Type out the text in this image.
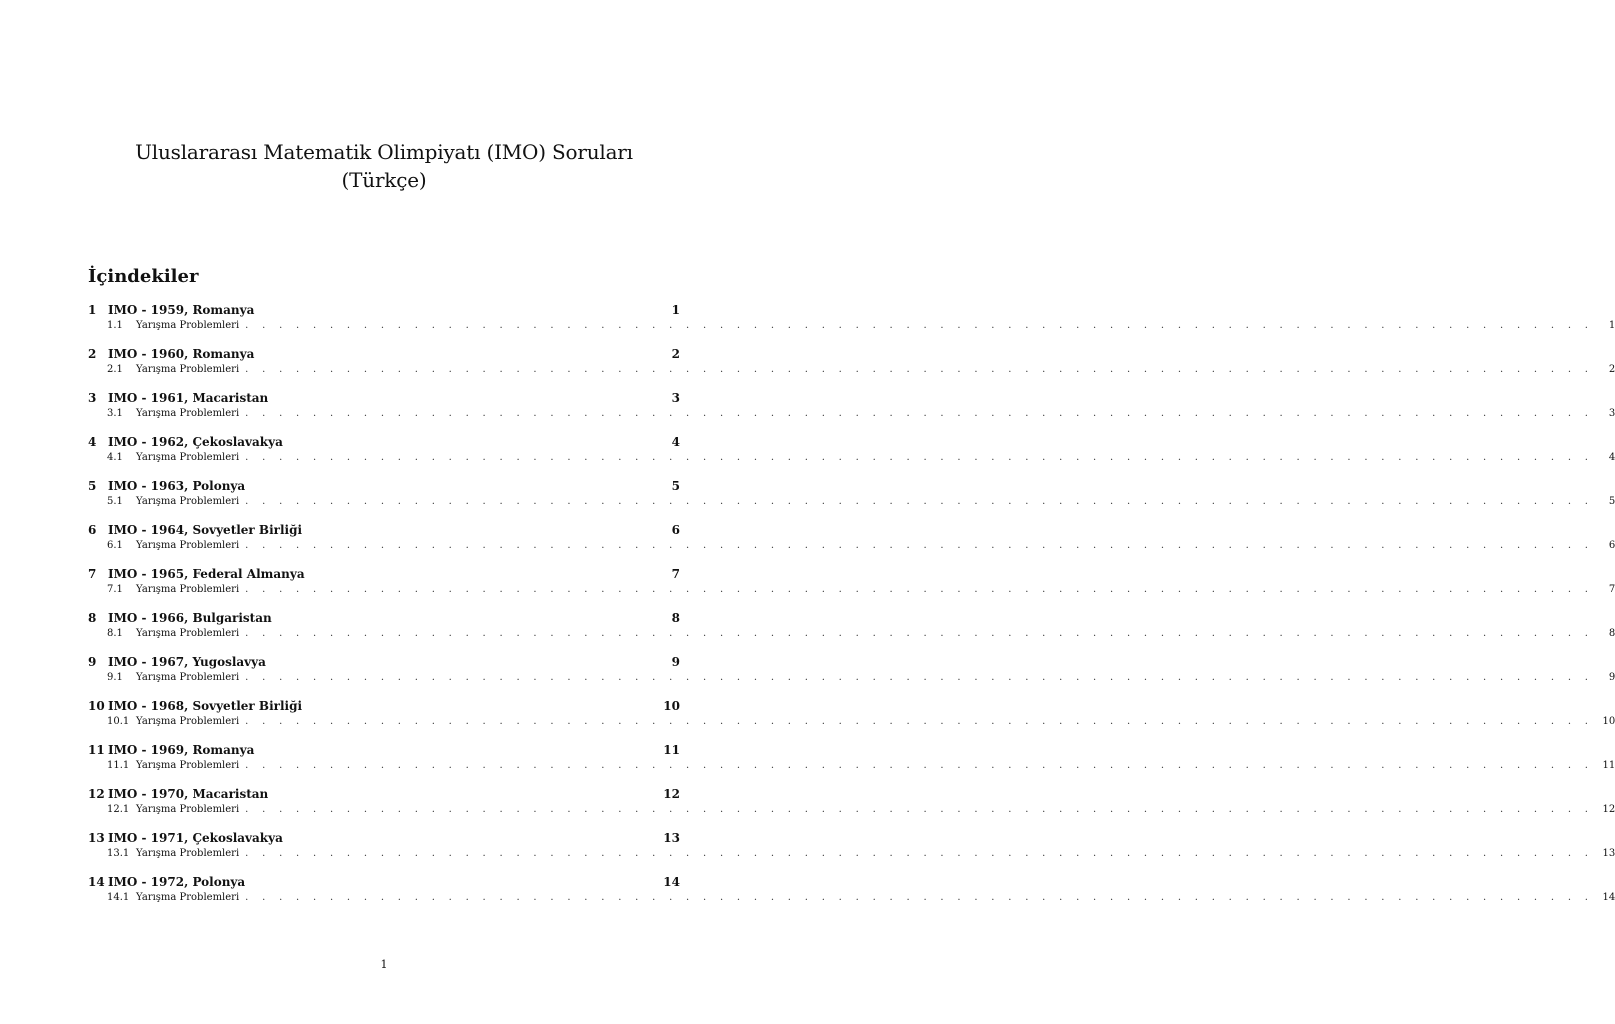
Uluslararası Matematik Olimpiyatı (IMO) Soruları
(Türkçe)
İçindekiler
1 IMO - 1959, Romanya	1
1.1	Yarışma Problemleri . . . . . . . . . . . . . . . . . . . . . . . . . . . . . . . . . . . . . . . . . . . . . . . . . . . . . . . . . . . . . . . . . . . . . . . . . . . . . . . .	1
2 IMO - 1960, Romanya	2
2.1	Yarışma Problemleri . . . . . . . . . . . . . . . . . . . . . . . . . . . . . . . . . . . . . . . . . . . . . . . . . . . . . . . . . . . . . . . . . . . . . . . . . . . . . . . .	2
3 IMO - 1961, Macaristan	3
3.1	Yarışma Problemleri . . . . . . . . . . . . . . . . . . . . . . . . . . . . . . . . . . . . . . . . . . . . . . . . . . . . . . . . . . . . . . . . . . . . . . . . . . . . . . . .	3
4 IMO - 1962, Çekoslavakya	4
4.1	Yarışma Problemleri . . . . . . . . . . . . . . . . . . . . . . . . . . . . . . . . . . . . . . . . . . . . . . . . . . . . . . . . . . . . . . . . . . . . . . . . . . . . . . . .	4
5 IMO - 1963, Polonya	5
5.1	Yarışma Problemleri . . . . . . . . . . . . . . . . . . . . . . . . . . . . . . . . . . . . . . . . . . . . . . . . . . . . . . . . . . . . . . . . . . . . . . . . . . . . . . . .	5
6 IMO - 1964, Sovyetler Birliği	6
6.1	Yarışma Problemleri . . . . . . . . . . . . . . . . . . . . . . . . . . . . . . . . . . . . . . . . . . . . . . . . . . . . . . . . . . . . . . . . . . . . . . . . . . . . . . . .	6
7 IMO - 1965, Federal Almanya	7
7.1	Yarışma Problemleri . . . . . . . . . . . . . . . . . . . . . . . . . . . . . . . . . . . . . . . . . . . . . . . . . . . . . . . . . . . . . . . . . . . . . . . . . . . . . . . .	7
8 IMO - 1966, Bulgaristan	8
8.1	Yarışma Problemleri . . . . . . . . . . . . . . . . . . . . . . . . . . . . . . . . . . . . . . . . . . . . . . . . . . . . . . . . . . . . . . . . . . . . . . . . . . . . . . . .	8
9 IMO - 1967, Yugoslavya	9
9.1	Yarışma Problemleri . . . . . . . . . . . . . . . . . . . . . . . . . . . . . . . . . . . . . . . . . . . . . . . . . . . . . . . . . . . . . . . . . . . . . . . . . . . . . . . .	9
10 IMO - 1968, Sovyetler Birliği	10
10.1 Yarışma Problemleri . . . . . . . . . . . . . . . . . . . . . . . . . . . . . . . . . . . . . . . . . . . . . . . . . . . . . . . . . . . . . . . . . . . . . . . . . . . . . . . . 10
11 IMO - 1969, Romanya	11
11.1 Yarışma Problemleri . . . . . . . . . . . . . . . . . . . . . . . . . . . . . . . . . . . . . . . . . . . . . . . . . . . . . . . . . . . . . . . . . . . . . . . . . . . . . . . . 11
12 IMO - 1970, Macaristan	12
12.1 Yarışma Problemleri . . . . . . . . . . . . . . . . . . . . . . . . . . . . . . . . . . . . . . . . . . . . . . . . . . . . . . . . . . . . . . . . . . . . . . . . . . . . . . . . 12
13 IMO - 1971, Çekoslavakya	13
13.1 Yarışma Problemleri . . . . . . . . . . . . . . . . . . . . . . . . . . . . . . . . . . . . . . . . . . . . . . . . . . . . . . . . . . . . . . . . . . . . . . . . . . . . . . . . 13
14 IMO - 1972, Polonya	14
14.1 Yarışma Problemleri . . . . . . . . . . . . . . . . . . . . . . . . . . . . . . . . . . . . . . . . . . . . . . . . . . . . . . . . . . . . . . . . . . . . . . . . . . . . . . . . 14
1
